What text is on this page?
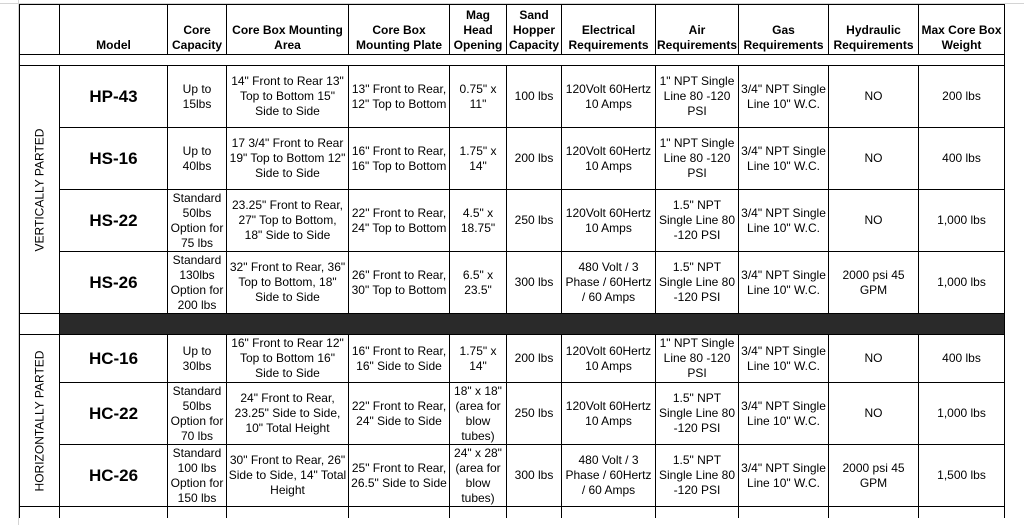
	Model	Core Capacity	Core Box Mounting Area	Core Box Mounting Plate	Mag Head Opening	Sand Hopper Capacity	Electrical Requirements	Air Requirements	Gas Requirements	Hydraulic Requirements	Max Core Box Weight

VERTICALLY PARTED	HP-43	Up to 15lbs	14" Front to Rear 13" Top to Bottom 15" Side to Side	13" Front to Rear, 12" Top to Bottom	0.75" x 11"	100 lbs	120Volt 60Hertz 10 Amps	1" NPT Single Line 80 -120 PSI	3/4" NPT Single Line 10" W.C.	NO	200 lbs
	HS-16	Up to 40lbs	17 3/4" Front to Rear 19" Top to Bottom 12" Side to Side	16" Front to Rear, 16" Top to Bottom	1.75" x 14"	200 lbs	120Volt 60Hertz 10 Amps	1" NPT Single Line 80 -120 PSI	3/4" NPT Single Line 10" W.C.	NO	400 lbs
	HS-22	Standard 50lbs Option for 75 lbs	23.25" Front to Rear, 27" Top to Bottom, 18" Side to Side	22" Front to Rear, 24" Top to Bottom	4.5" x 18.75"	250 lbs	120Volt 60Hertz 10 Amps	1.5" NPT Single Line 80 -120 PSI	3/4" NPT Single Line 10" W.C.	NO	1,000 lbs
	HS-26	Standard 130lbs Option for 200 lbs	32" Front to Rear, 36" Top to Bottom, 18" Side to Side	26" Front to Rear, 30" Top to Bottom	6.5" x 23.5"	300 lbs	480 Volt / 3 Phase / 60Hertz / 60 Amps	1.5" NPT Single Line 80 -120 PSI	3/4" NPT Single Line 10" W.C.	2000 psi 45 GPM	1,000 lbs

HORIZONTALLY PARTED	HC-16	Up to 30lbs	16" Front to Rear 12" Top to Bottom 16" Side to Side	16" Front to Rear, 16" Side to Side	1.75" x 14"	200 lbs	120Volt 60Hertz 10 Amps	1" NPT Single Line 80 -120 PSI	3/4" NPT Single Line 10" W.C.	NO	400 lbs
	HC-22	Standard 50lbs Option for 70 lbs	24" Front to Rear, 23.25" Side to Side, 10" Total Height	22" Front to Rear, 24" Side to Side	18" x 18" (area for blow tubes)	250 lbs	120Volt 60Hertz 10 Amps	1.5" NPT Single Line 80 -120 PSI	3/4" NPT Single Line 10" W.C.	NO	1,000 lbs
	HC-26	Standard 100 lbs Option for 150 lbs	30" Front to Rear, 26" Side to Side, 14" Total Height	25" Front to Rear, 26.5" Side to Side	24" x 28" (area for blow tubes)	300 lbs	480 Volt / 3 Phase / 60Hertz / 60 Amps	1.5" NPT Single Line 80 -120 PSI	3/4" NPT Single Line 10" W.C.	2000 psi 45 GPM	1,500 lbs
